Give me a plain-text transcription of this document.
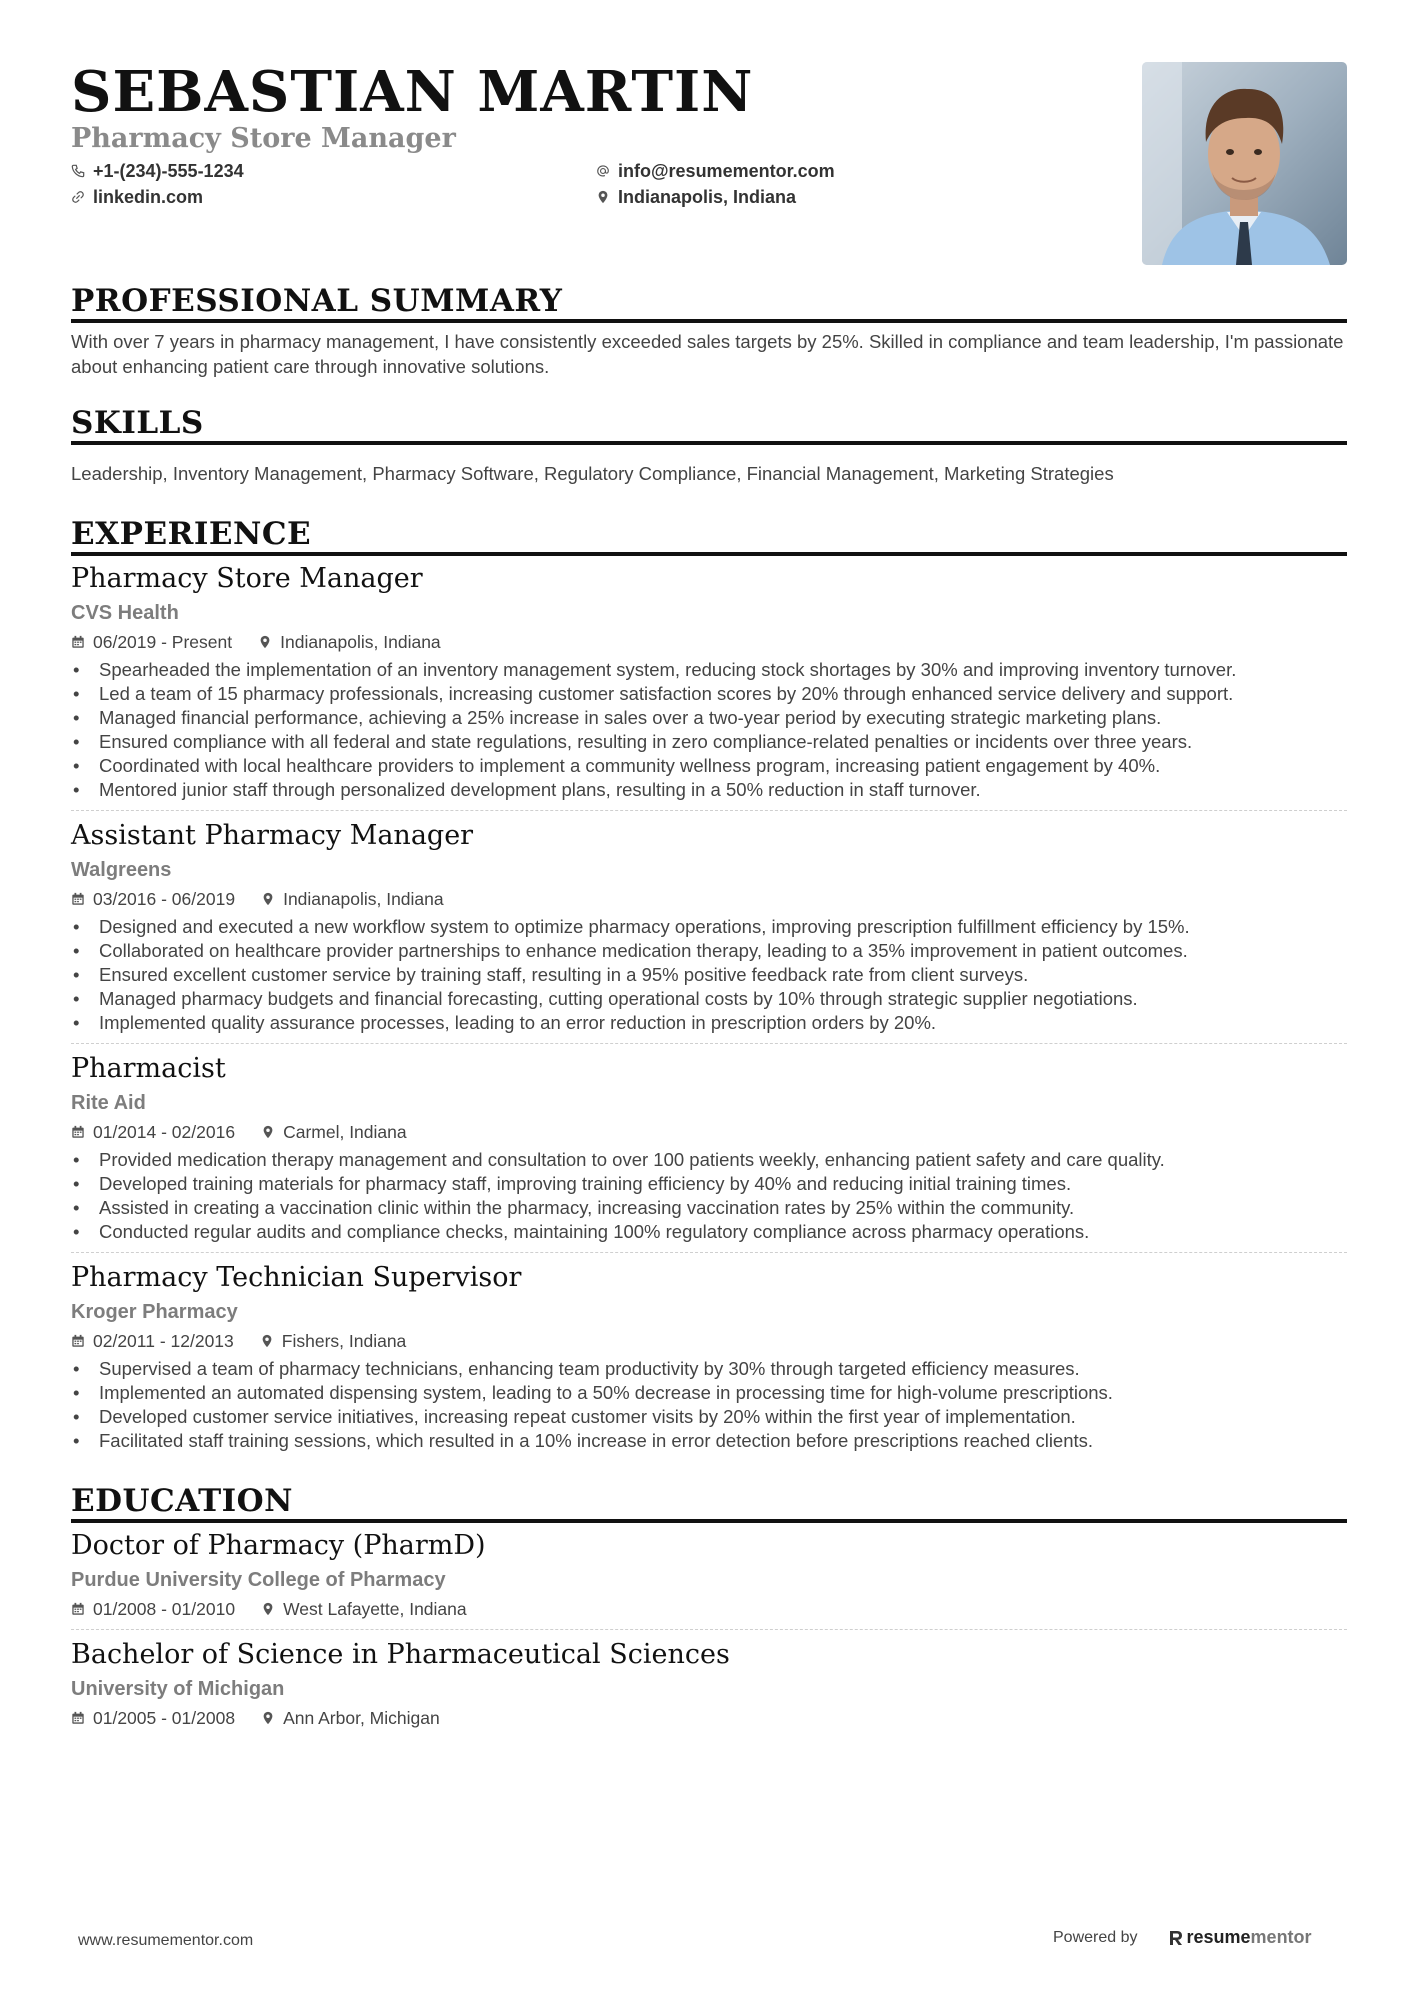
SEBASTIAN MARTIN
Pharmacy Store Manager
+1-(234)-555-1234
linkedin.com
info@resumementor.com
Indianapolis, Indiana
PROFESSIONAL SUMMARY
With over 7 years in pharmacy management, I have consistently exceeded sales targets by 25%. Skilled in compliance and team leadership, I'm passionate about enhancing patient care through innovative solutions.
SKILLS
Leadership, Inventory Management, Pharmacy Software, Regulatory Compliance, Financial Management, Marketing Strategies
EXPERIENCE
Pharmacy Store Manager
CVS Health
06/2019 - Present	Indianapolis, Indiana
• Spearheaded the implementation of an inventory management system, reducing stock shortages by 30% and improving inventory turnover.
• Led a team of 15 pharmacy professionals, increasing customer satisfaction scores by 20% through enhanced service delivery and support.
• Managed financial performance, achieving a 25% increase in sales over a two-year period by executing strategic marketing plans.
• Ensured compliance with all federal and state regulations, resulting in zero compliance-related penalties or incidents over three years.
• Coordinated with local healthcare providers to implement a community wellness program, increasing patient engagement by 40%.
• Mentored junior staff through personalized development plans, resulting in a 50% reduction in staff turnover.
Assistant Pharmacy Manager
Walgreens
03/2016 - 06/2019	Indianapolis, Indiana
• Designed and executed a new workflow system to optimize pharmacy operations, improving prescription fulfillment efficiency by 15%.
• Collaborated on healthcare provider partnerships to enhance medication therapy, leading to a 35% improvement in patient outcomes.
• Ensured excellent customer service by training staff, resulting in a 95% positive feedback rate from client surveys.
• Managed pharmacy budgets and financial forecasting, cutting operational costs by 10% through strategic supplier negotiations.
• Implemented quality assurance processes, leading to an error reduction in prescription orders by 20%.
Pharmacist
Rite Aid
01/2014 - 02/2016	Carmel, Indiana
• Provided medication therapy management and consultation to over 100 patients weekly, enhancing patient safety and care quality.
• Developed training materials for pharmacy staff, improving training efficiency by 40% and reducing initial training times.
• Assisted in creating a vaccination clinic within the pharmacy, increasing vaccination rates by 25% within the community.
• Conducted regular audits and compliance checks, maintaining 100% regulatory compliance across pharmacy operations.
Pharmacy Technician Supervisor
Kroger Pharmacy
02/2011 - 12/2013	Fishers, Indiana
• Supervised a team of pharmacy technicians, enhancing team productivity by 30% through targeted efficiency measures.
• Implemented an automated dispensing system, leading to a 50% decrease in processing time for high-volume prescriptions.
• Developed customer service initiatives, increasing repeat customer visits by 20% within the first year of implementation.
• Facilitated staff training sessions, which resulted in a 10% increase in error detection before prescriptions reached clients.
EDUCATION
Doctor of Pharmacy (PharmD)
Purdue University College of Pharmacy
01/2008 - 01/2010	West Lafayette, Indiana
Bachelor of Science in Pharmaceutical Sciences
University of Michigan
01/2005 - 01/2008	Ann Arbor, Michigan
www.resumementor.com	Powered by	resume mentor
